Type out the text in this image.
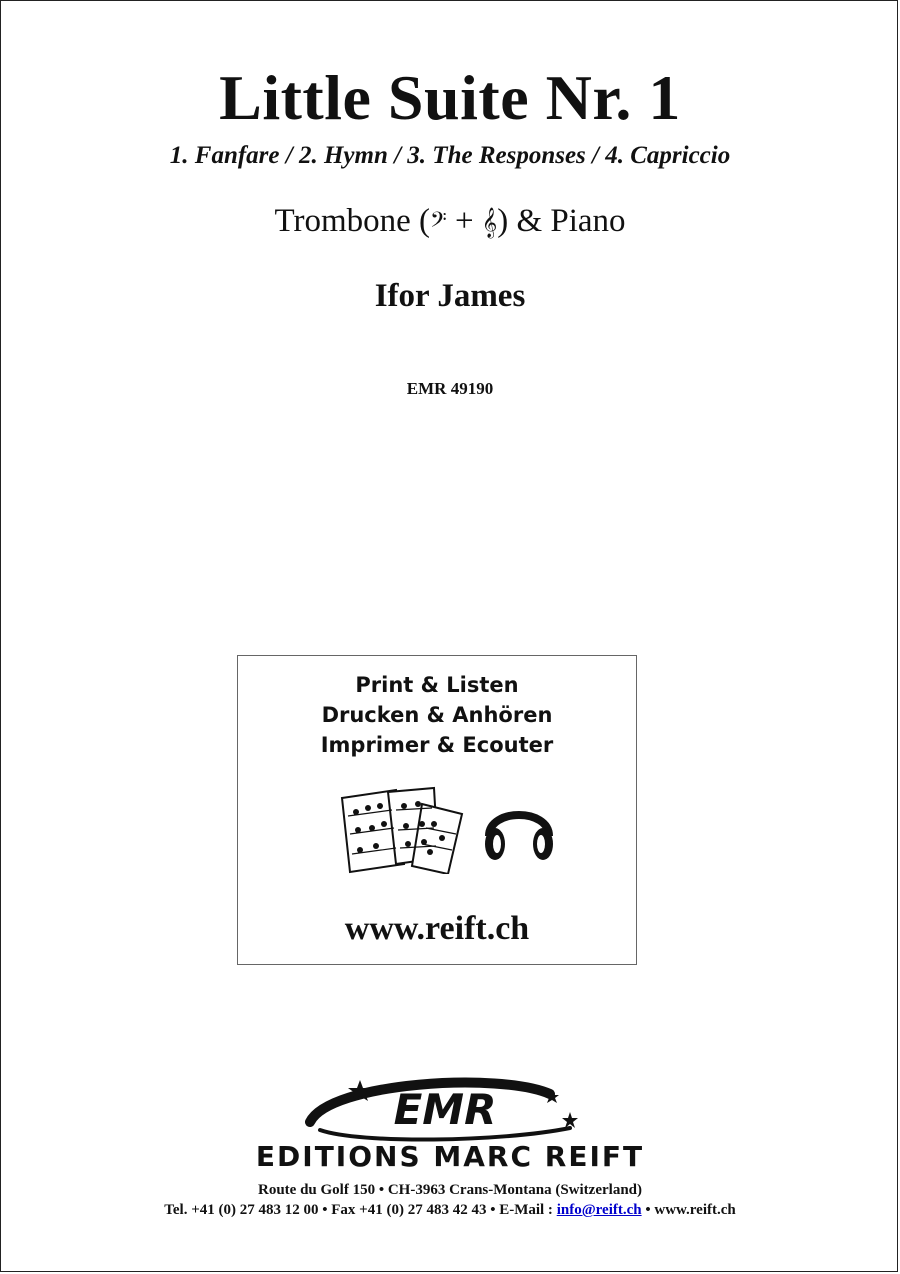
Little Suite Nr. 1
1. Fanfare / 2. Hymn / 3. The Responses / 4. Capriccio
Trombone (𝄢 + 𝄞) & Piano
Ifor James
EMR 49190
Print & Listen
Drucken & Anhören
Imprimer & Ecouter
www.reift.ch
EMR
EDITIONS MARC REIFT
Route du Golf 150 • CH-3963 Crans-Montana (Switzerland)
Tel. +41 (0) 27 483 12 00 • Fax +41 (0) 27 483 42 43 • E-Mail : info@reift.ch • www.reift.ch
